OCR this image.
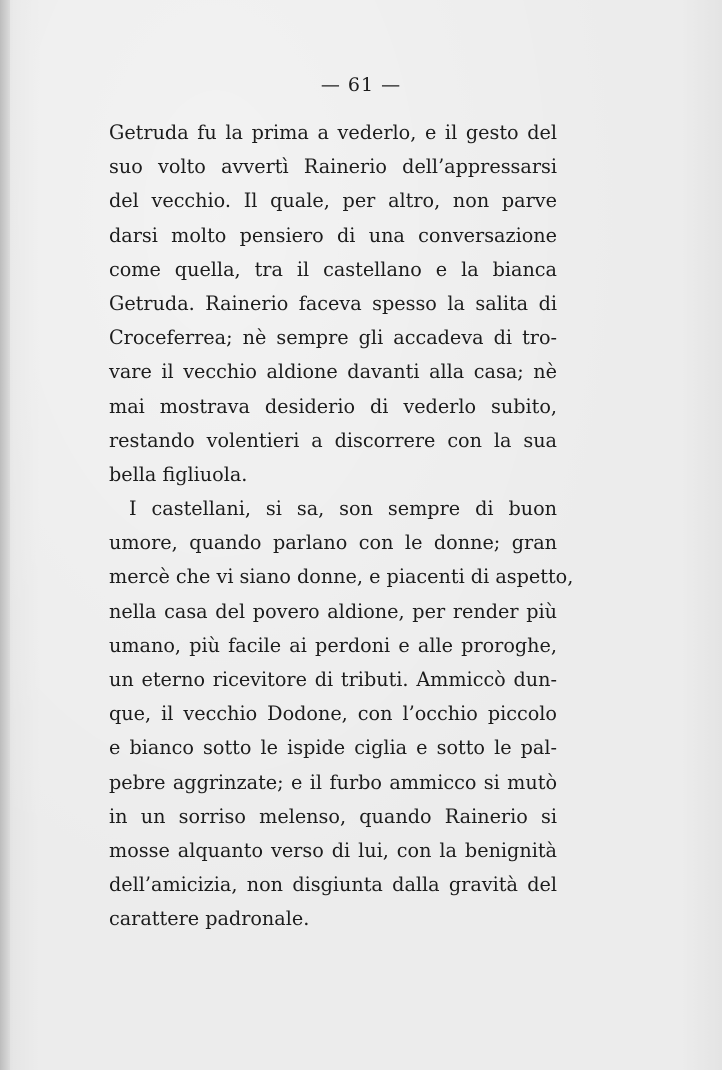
— 61 —
Getruda fu la prima a vederlo, e il gesto del
suo volto avvertì Rainerio dell’appressarsi
del vecchio. Il quale, per altro, non parve
darsi molto pensiero di una conversazione
come quella, tra il castellano e la bianca
Getruda. Rainerio faceva spesso la salita di
Croceferrea; nè sempre gli accadeva di tro-
vare il vecchio aldione davanti alla casa; nè
mai mostrava desiderio di vederlo subito,
restando volentieri a discorrere con la sua
bella figliuola.
I castellani, si sa, son sempre di buon
umore, quando parlano con le donne; gran
mercè che vi siano donne, e piacenti di aspetto,
nella casa del povero aldione, per render più
umano, più facile ai perdoni e alle proroghe,
un eterno ricevitore di tributi. Ammiccò dun-
que, il vecchio Dodone, con l’occhio piccolo
e bianco sotto le ispide ciglia e sotto le pal-
pebre aggrinzate; e il furbo ammicco si mutò
in un sorriso melenso, quando Rainerio si
mosse alquanto verso di lui, con la benignità
dell’amicizia, non disgiunta dalla gravità del
carattere padronale.
